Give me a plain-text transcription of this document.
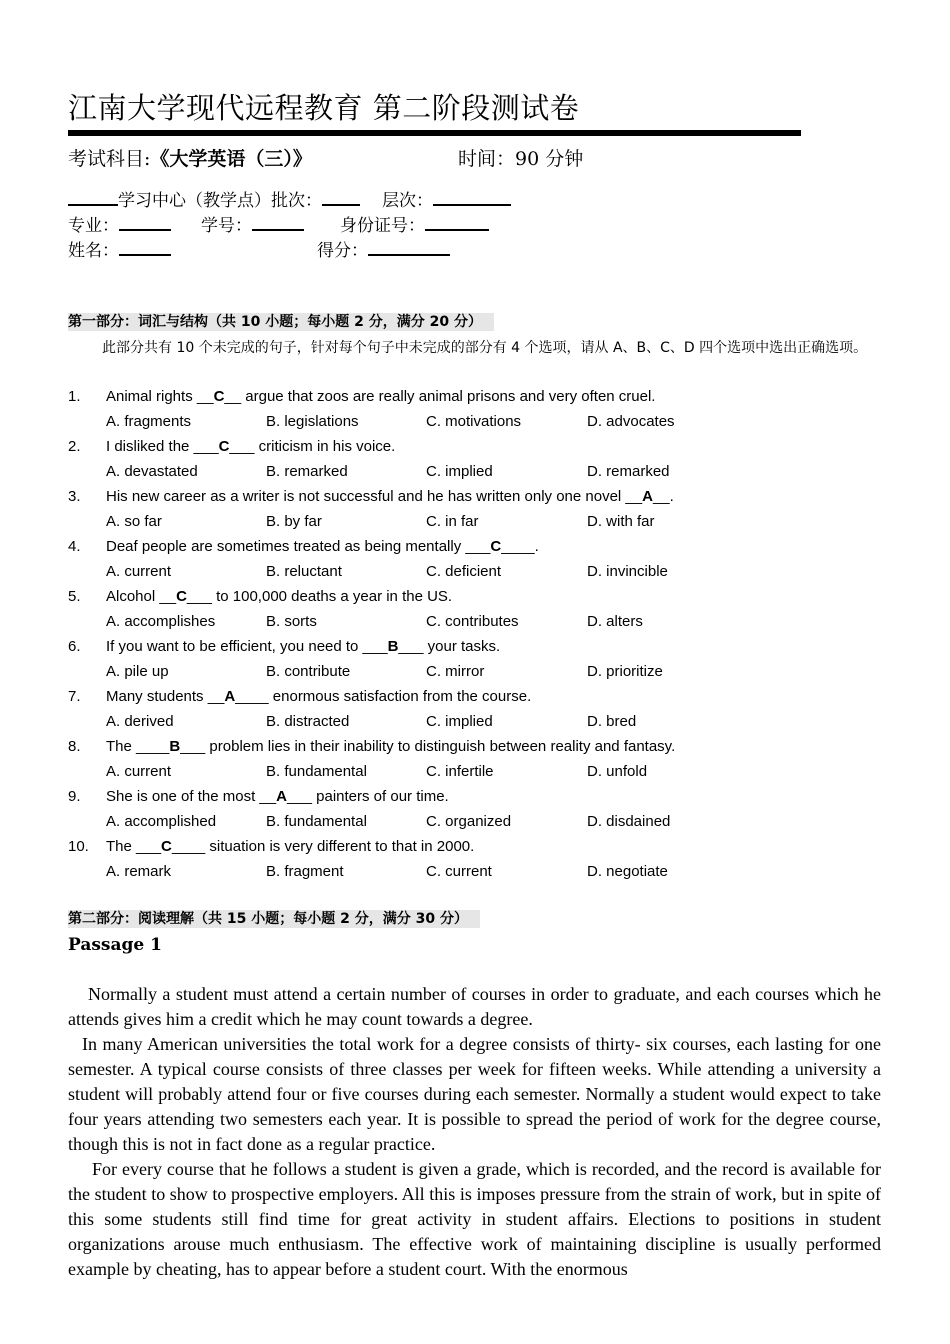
江南大学现代远程教育 第二阶段测试卷
考试科目:《大学英语（三）》	时间：90 分钟
学习中心（教学点）批次：	层次：
专业：	学号：	身份证号：
姓名：	得分：
第一部分：词汇与结构（共 10 小题；每小题 2 分，满分 20 分）
此部分共有 10 个未完成的句子，针对每个句子中未完成的部分有 4 个选项，请从 A、B、C、D 四个选项中选出正确选项。
1. Animal rights __C__ argue that zoos are really animal prisons and very often cruel.
A. fragments	B. legislations	C. motivations	D. advocates
2. I disliked the ___C___ criticism in his voice.
A. devastated	B. remarked	C. implied	D. remarked
3. His new career as a writer is not successful and he has written only one novel __A__.
A. so far	B. by far	C. in far	D. with far
4. Deaf people are sometimes treated as being mentally ___C____.
A. current	B. reluctant	C. deficient	D. invincible
5. Alcohol __C___ to 100,000 deaths a year in the US.
A. accomplishes	B. sorts	C. contributes	D. alters
6. If you want to be efficient, you need to ___B___ your tasks.
A. pile up	B. contribute	C. mirror	D. prioritize
7. Many students __A____ enormous satisfaction from the course.
A. derived	B. distracted	C. implied	D. bred
8. The ____B___ problem lies in their inability to distinguish between reality and fantasy.
A. current	B. fundamental	C. infertile	D. unfold
9. She is one of the most __A___ painters of our time.
A. accomplished	B. fundamental	C. organized	D. disdained
10. The ___C____ situation is very different to that in 2000.
A. remark	B. fragment	C. current	D. negotiate
第二部分：阅读理解（共 15 小题；每小题 2 分，满分 30 分）
Passage 1

Normally a student must attend a certain number of courses in order to graduate, and each courses which he attends gives him a credit which he may count towards a degree.

In many American universities the total work for a degree consists of thirty- six courses, each lasting for one semester. A typical course consists of three classes per week for fifteen weeks. While attending a university a student will probably attend four or five courses during each semester. Normally a student would expect to take four years attending two semesters each year. It is possible to spread the period of work for the degree course, though this is not in fact done as a regular practice.

For every course that he follows a student is given a grade, which is recorded, and the record is available for the student to show to prospective employers. All this is imposes pressure from the strain of work, but in spite of this some students still find time for great activity in student affairs. Elections to positions in student organizations arouse much enthusiasm. The effective work of maintaining discipline is usually performed example by cheating, has to appear before a student court. With the enormous
